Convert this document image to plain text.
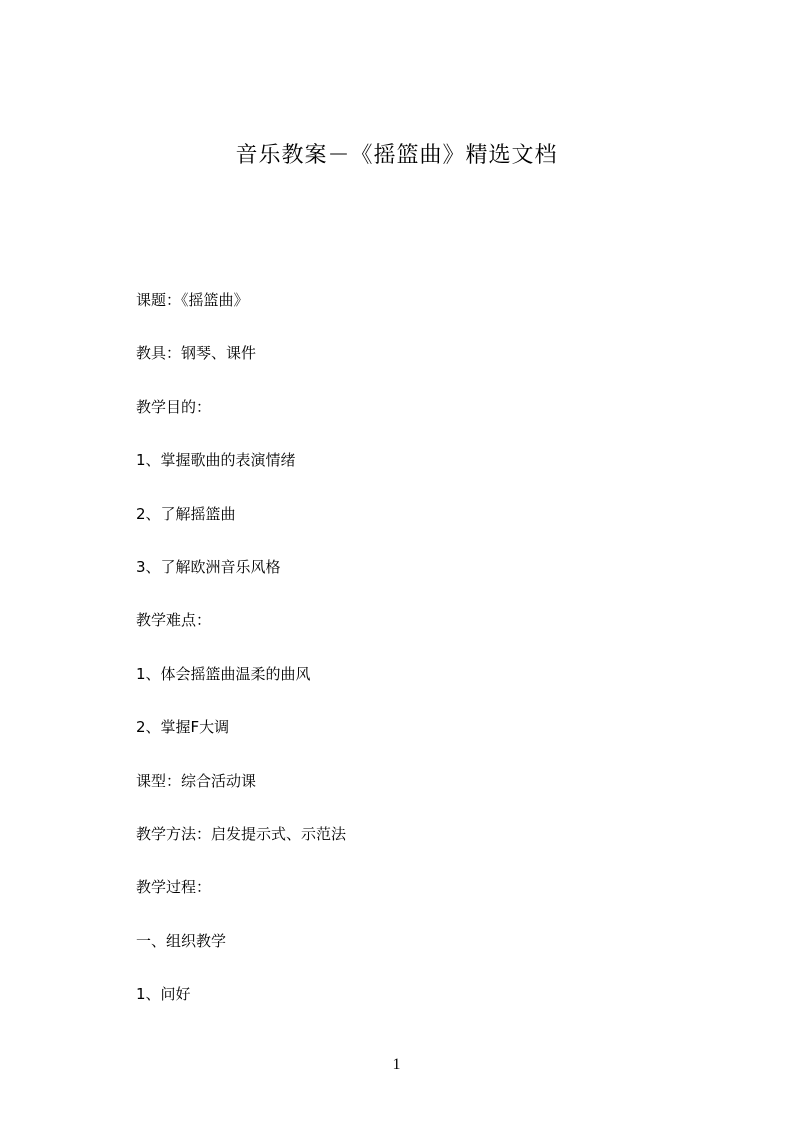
音乐教案－《摇篮曲》精选文档
课题：《摇篮曲》
教具：钢琴、课件
教学目的：
1、掌握歌曲的表演情绪
2、了解摇篮曲
3、了解欧洲音乐风格
教学难点：
1、体会摇篮曲温柔的曲风
2、掌握F大调
课型：综合活动课
教学方法：启发提示式、示范法
教学过程：
一、组织教学
1、问好
1
